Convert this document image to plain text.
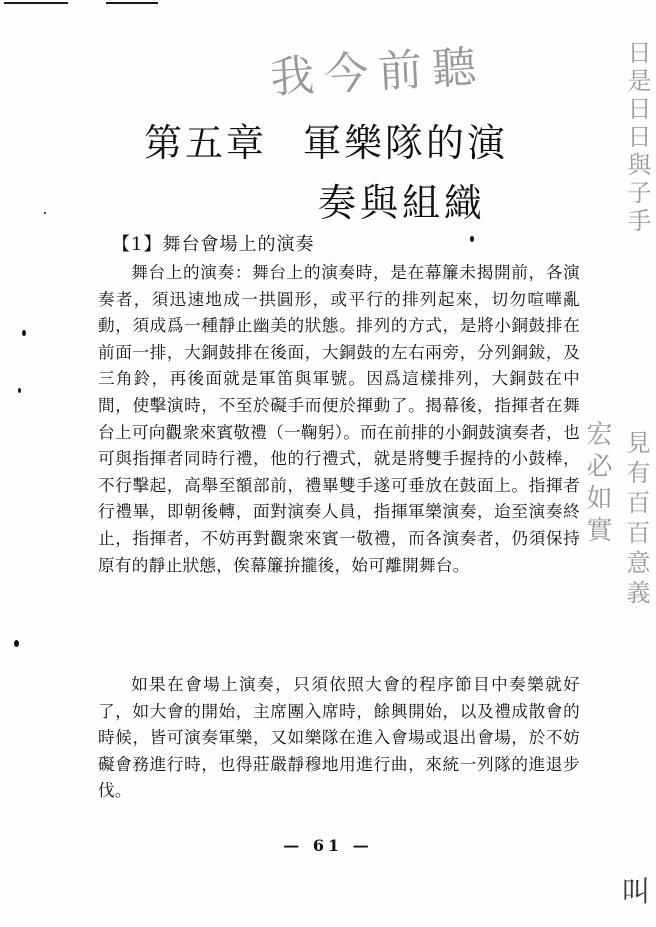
我今前聽	日是日日與子手
宏必如實 見有百百意義
叫
第五章 軍樂隊的演
奏與組織
【1】舞台會場上的演奏

舞台上的演奏：舞台上的演奏時，是在幕簾未揭開前，各演奏者，須迅速地成一拱圓形，或平行的排列起來，切勿喧嘩亂動，須成爲一種靜止幽美的狀態。排列的方式，是將小銅鼓排在前面一排，大銅鼓排在後面，大銅鼓的左右兩旁，分列銅鈸，及三角鈴，再後面就是軍笛與軍號。因爲這樣排列，大銅鼓在中間，使擊演時，不至於礙手而便於揮動了。揭幕後，指揮者在舞台上可向觀衆來賓敬禮（一鞠躬）。而在前排的小銅鼓演奏者，也可與指揮者同時行禮，他的行禮式，就是將雙手握持的小鼓棒，不行擊起，高舉至額部前，禮畢雙手遂可垂放在鼓面上。指揮者行禮畢，即朝後轉，面對演奏人員，指揮軍樂演奏，迨至演奏終止，指揮者，不妨再對觀衆來賓一敬禮，而各演奏者，仍須保持原有的靜止狀態，俟幕簾拚攏後，始可離開舞台。

如果在會場上演奏，只須依照大會的程序節目中奏樂就好了，如大會的開始，主席團入席時，餘興開始，以及禮成散會的時候，皆可演奏軍樂，又如樂隊在進入會場或退出會場，於不妨礙會務進行時，也得莊嚴靜穆地用進行曲，來統一列隊的進退步伐。

— 61 —
